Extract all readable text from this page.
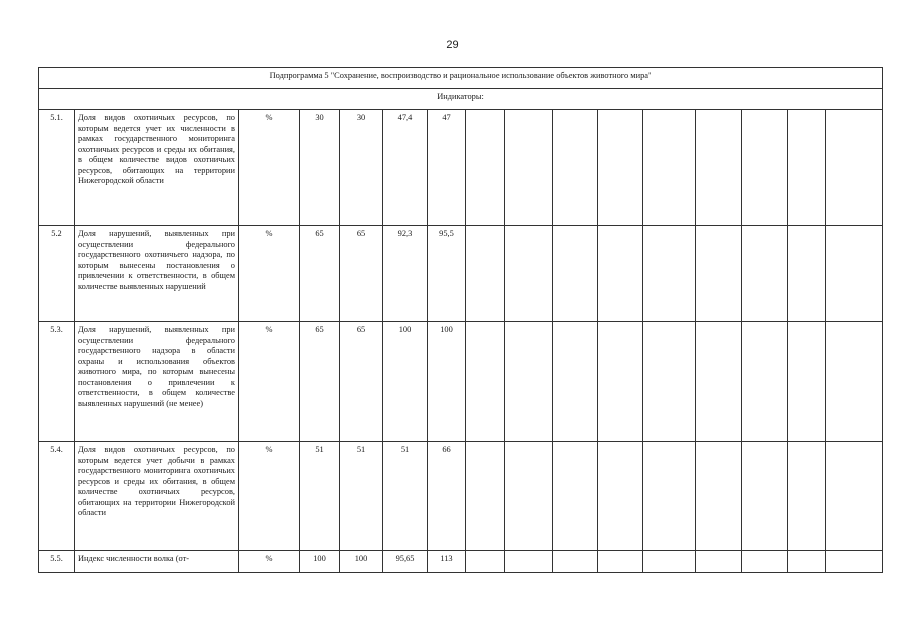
29
Подпрограмма 5 "Сохранение, воспроизводство и рациональное использование объектов животного мира"															
Индикаторы:															
5.1.	Доля видов охотничьих ресурсов, по которым ведется учет их численности в рамках государственного мониторинга охотничьих ресурсов и среды их обитания, в общем количестве видов охотничьих ресурсов, обитающих на территории Нижегородской области	%	30	30	47,4	47									
5.2	Доля нарушений, выявленных при осуществлении федерального государственного охотничьего надзора, по которым вынесены постановления о привлечении к ответственности, в общем количестве выявленных нарушений	%	65	65	92,3	95,5									
5.3.	Доля нарушений, выявленных при осуществлении федерального государственного надзора в области охраны и использования объектов животного мира, по которым вынесены постановления о привлечении к ответственности, в общем количестве выявленных нарушений (не менее)	%	65	65	100	100									
5.4.	Доля видов охотничьих ресурсов, по которым ведется учет добычи в рамках государственного мониторинга охотничьих ресурсов и среды их обитания, в общем количестве охотничьих ресурсов, обитающих на территории Нижегородской области	%	51	51	51	66									
5.5.	Индекс численности волка (от-	%	100	100	95,65	113									
